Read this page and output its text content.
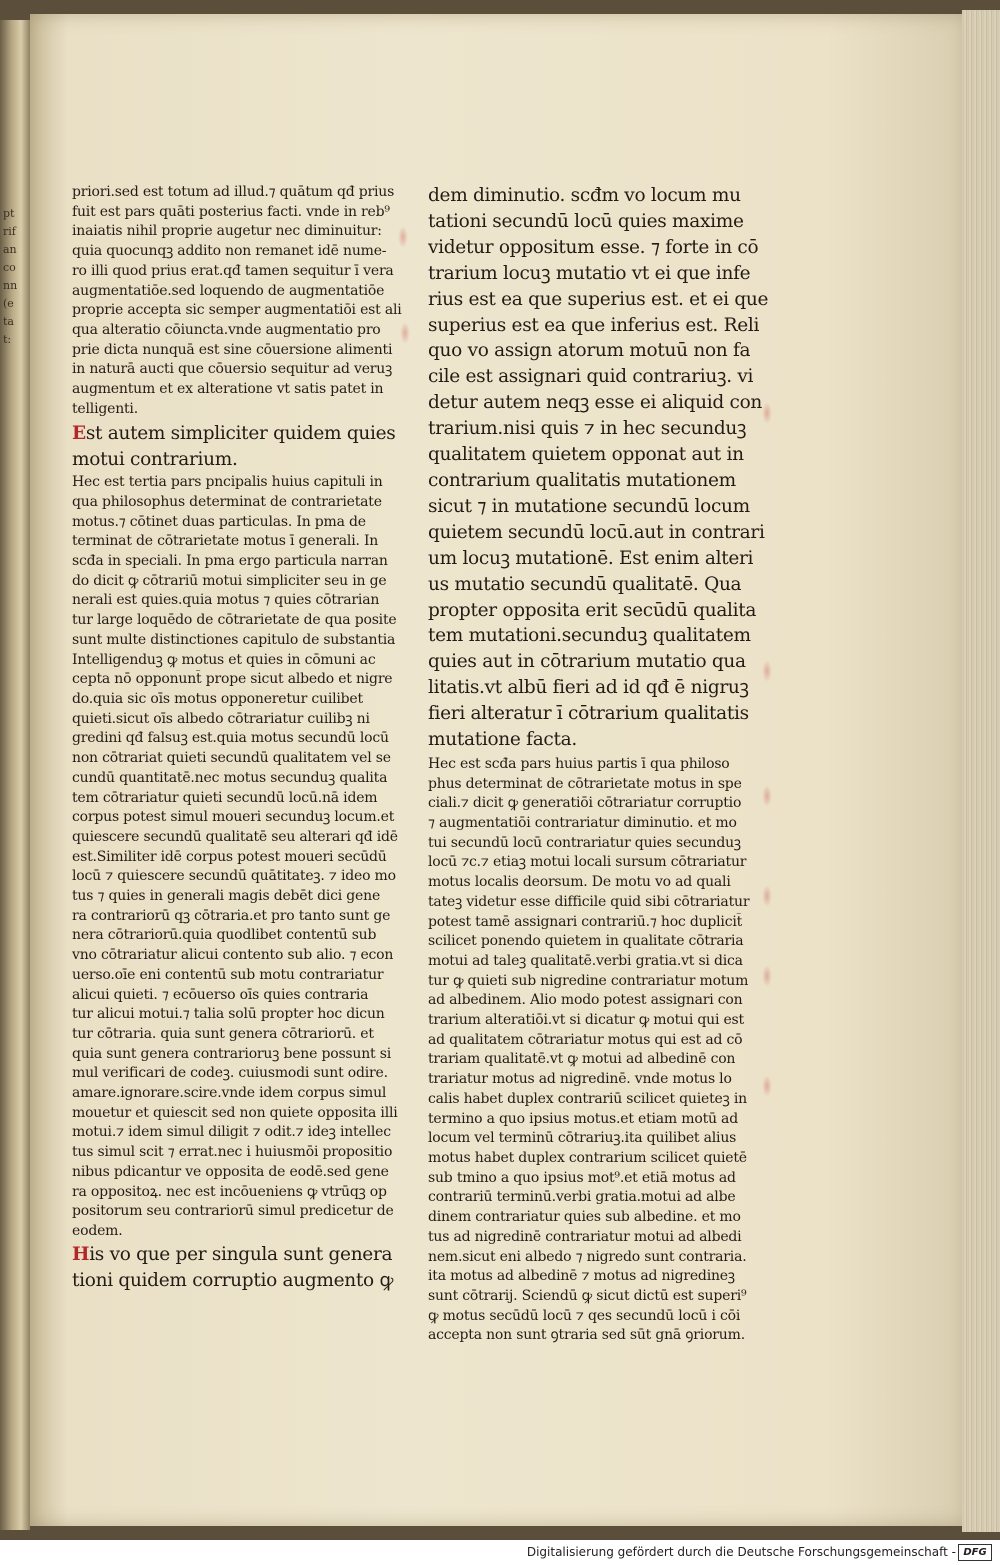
pt
rif
an
co
nn
(e
ta
t:
priori.sed est totum ad illud.⁊ quātum qđ prius
fuit est pars quāti posterius facti. vnde in reb⁹
inaiatis nihil proprie augetur nec diminuitur:
quia quocunqꝫ addito non remanet idē nume-
ro illi quod prius erat.qđ tamen sequitur ī vera
augmentatiōe.sed loquendo de augmentatiōe
proprie accepta sic semper augmentatiōi est ali
qua alteratio cōiuncta.vnde augmentatio pro
prie dicta nunquā est sine cōuersione alimenti
in naturā aucti que cōuersio sequitur ad veruꝫ
augmentum et ex alteratione vt satis patet in
telligenti.
Est autem simpliciter quidem quies
motui contrarium.
Hec est tertia pars pncipalis huius capituli in
qua philosophus determinat de contrarietate
motus.⁊ cōtinet duas particulas. In pma de
terminat de cōtrarietate motus ī generali. In
scđa in speciali. In pma ergo particula narran
do dicit ꝙ cōtrariū motui simpliciter seu in ge
nerali est quies.quia motus ⁊ quies cōtrarian
tur large loquēdo de cōtrarietate de qua posite
sunt multe distinctiones capitulo de substantia
Intelligenduꝫ ꝙ motus et quies in cōmuni ac
cepta nō opponunt̄ prope sicut albedo et nigre
do.quia sic oīs motus opponeretur cuilibet
quieti.sicut oīs albedo cōtrariatur cuilibꝫ ni
gredini qđ falsuꝫ est.quia motus secundū locū
non cōtrariat quieti secundū qualitatem vel se
cundū quantitatē.nec motus secunduꝫ qualita
tem cōtrariatur quieti secundū locū.nā idem
corpus potest simul moueri secunduꝫ locum.et
quiescere secundū qualitatē seu alterari qđ idē
est.Similiter idē corpus potest moueri secūdū
locū ⁊ quiescere secundū quātitateꝫ. ⁊ ideo mo
tus ⁊ quies in generali magis debēt dici gene
ra contrariorū qꝫ cōtraria.et pro tanto sunt ge
nera cōtrariorū.quia quodlibet contentū sub
vno cōtrariatur alicui contento sub alio. ⁊ econ
uerso.oīe eni contentū sub motu contrariatur
alicui quieti. ⁊ ecōuerso oīs quies contraria
tur alicui motui.⁊ talia solū propter hoc dicun
tur cōtraria. quia sunt genera cōtrariorū. et
quia sunt genera contrarioruꝫ bene possunt si
mul verificari de codeꝫ. cuiusmodi sunt odire.
amare.ignorare.scire.vnde idem corpus simul
mouetur et quiescit sed non quiete opposita illi
motui.⁊ idem simul diligit ⁊ odit.⁊ ideꝫ intellec
tus simul scit ⁊ errat.nec i huiusmōi propositio
nibus pdicantur ve opposita de eodē.sed gene
ra oppositoꝝ. nec est incōueniens ꝙ vtrūqꝫ op
positorum seu contrariorū simul predicetur de
eodem.
His vo que per singula sunt genera
tioni quidem corruptio augmento ꝙ
dem diminutio. scđm vo locum mu
tationi secundū locū quies maxime
videtur oppositum esse. ⁊ forte in cō
trarium locuꝫ mutatio vt ei que infe
rius est ea que superius est. et ei que
superius est ea que inferius est. Reli
quo vo assign atorum motuū non fa
cile est assignari quid contrariuꝫ. vi
detur autem neqꝫ esse ei aliquid con
trarium.nisi quis ⁊ in hec secunduꝫ
qualitatem quietem opponat aut in
contrarium qualitatis mutationem
sicut ⁊ in mutatione secundū locum
quietem secundū locū.aut in contrari
um locuꝫ mutationē. Est enim alteri
us mutatio secundū qualitatē. Qua
propter opposita erit secūdū qualita
tem mutationi.secunduꝫ qualitatem
quies aut in cōtrarium mutatio qua
litatis.vt albū fieri ad id qđ ē nigruꝫ
fieri alteratur ī cōtrarium qualitatis
mutatione facta.
Hec est scđa pars huius partis ī qua philoso
phus determinat de cōtrarietate motus in spe
ciali.⁊ dicit ꝙ generatiōi cōtrariatur corruptio
⁊ augmentatiōi contrariatur diminutio. et mo
tui secundū locū contrariatur quies secunduꝫ
locū ⁊c.⁊ etiaꝫ motui locali sursum cōtrariatur
motus localis deorsum. De motu vo ad quali
tateꝫ videtur esse difficile quid sibi cōtrariatur
potest tamē assignari contrariū.⁊ hoc duplicit̄
scilicet ponendo quietem in qualitate cōtraria
motui ad taleꝫ qualitatē.verbi gratia.vt si dica
tur ꝙ quieti sub nigredine contrariatur motum
ad albedinem. Alio modo potest assignari con
trarium alteratiōi.vt si dicatur ꝙ motui qui est
ad qualitatem cōtrariatur motus qui est ad cō
trariam qualitatē.vt ꝙ motui ad albedinē con
trariatur motus ad nigredinē. vnde motus lo
calis habet duplex contrariū scilicet quieteꝫ in
termino a quo ipsius motus.et etiam motū ad
locum vel terminū cōtrariuꝫ.ita quilibet alius
motus habet duplex contrarium scilicet quietē
sub tmino a quo ipsius mot⁹.et etiā motus ad
contrariū terminū.verbi gratia.motui ad albe
dinem contrariatur quies sub albedine. et mo
tus ad nigredinē contrariatur motui ad albedi
nem.sicut eni albedo ⁊ nigredo sunt contraria.
ita motus ad albedinē ⁊ motus ad nigredineꝫ
sunt cōtrarij. Sciendū ꝙ sicut dictū est superi⁹
ꝙ motus secūdū locū ⁊ qes secundū locū i cōi
accepta non sunt ꝯtraria sed sūt gnā ꝯriorum.
Digitalisierung gefördert durch die Deutsche Forschungsgemeinschaft - DFG
